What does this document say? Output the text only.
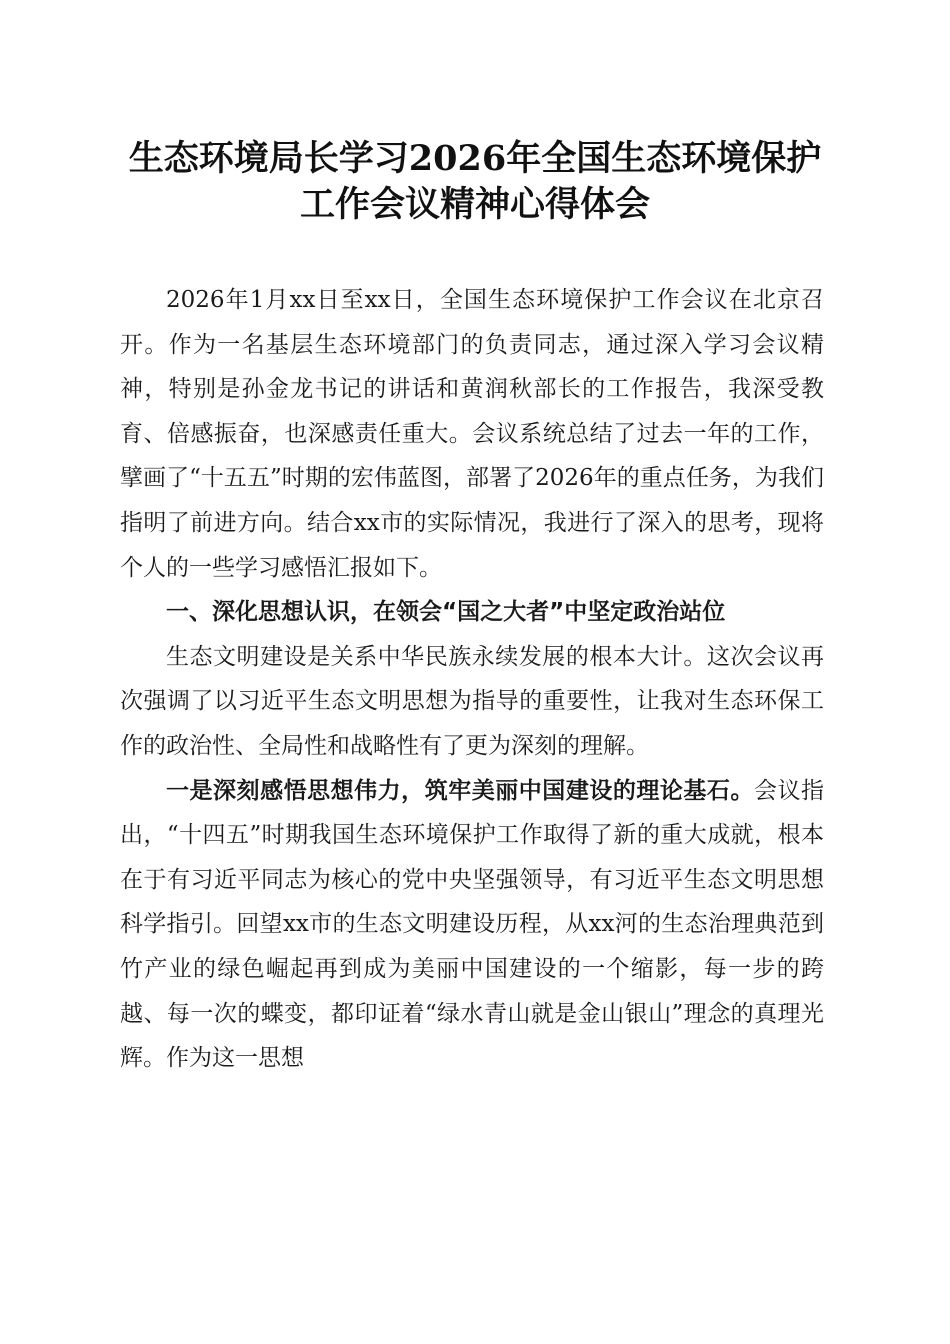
生态环境局长学习2026年全国生态环境保护
工作会议精神心得体会

2026年1月xx日至xx日，全国生态环境保护工作会议在北京召开。作为一名基层生态环境部门的负责同志，通过深入学习会议精神，特别是孙金龙书记的讲话和黄润秋部长的工作报告，我深受教育、倍感振奋，也深感责任重大。会议系统总结了过去一年的工作，擘画了“十五五”时期的宏伟蓝图，部署了2026年的重点任务，为我们指明了前进方向。结合xx市的实际情况，我进行了深入的思考，现将个人的一些学习感悟汇报如下。

一、深化思想认识，在领会“国之大者”中坚定政治站位

生态文明建设是关系中华民族永续发展的根本大计。这次会议再次强调了以习近平生态文明思想为指导的重要性，让我对生态环保工作的政治性、全局性和战略性有了更为深刻的理解。

一是深刻感悟思想伟力，筑牢美丽中国建设的理论基石。会议指出，“十四五”时期我国生态环境保护工作取得了新的重大成就，根本在于有习近平同志为核心的党中央坚强领导，有习近平生态文明思想科学指引。回望xx市的生态文明建设历程，从xx河的生态治理典范到竹产业的绿色崛起再到成为美丽中国建设的一个缩影，每一步的跨越、每一次的蝶变，都印证着“绿水青山就是金山银山”理念的真理光辉。作为这一思想
